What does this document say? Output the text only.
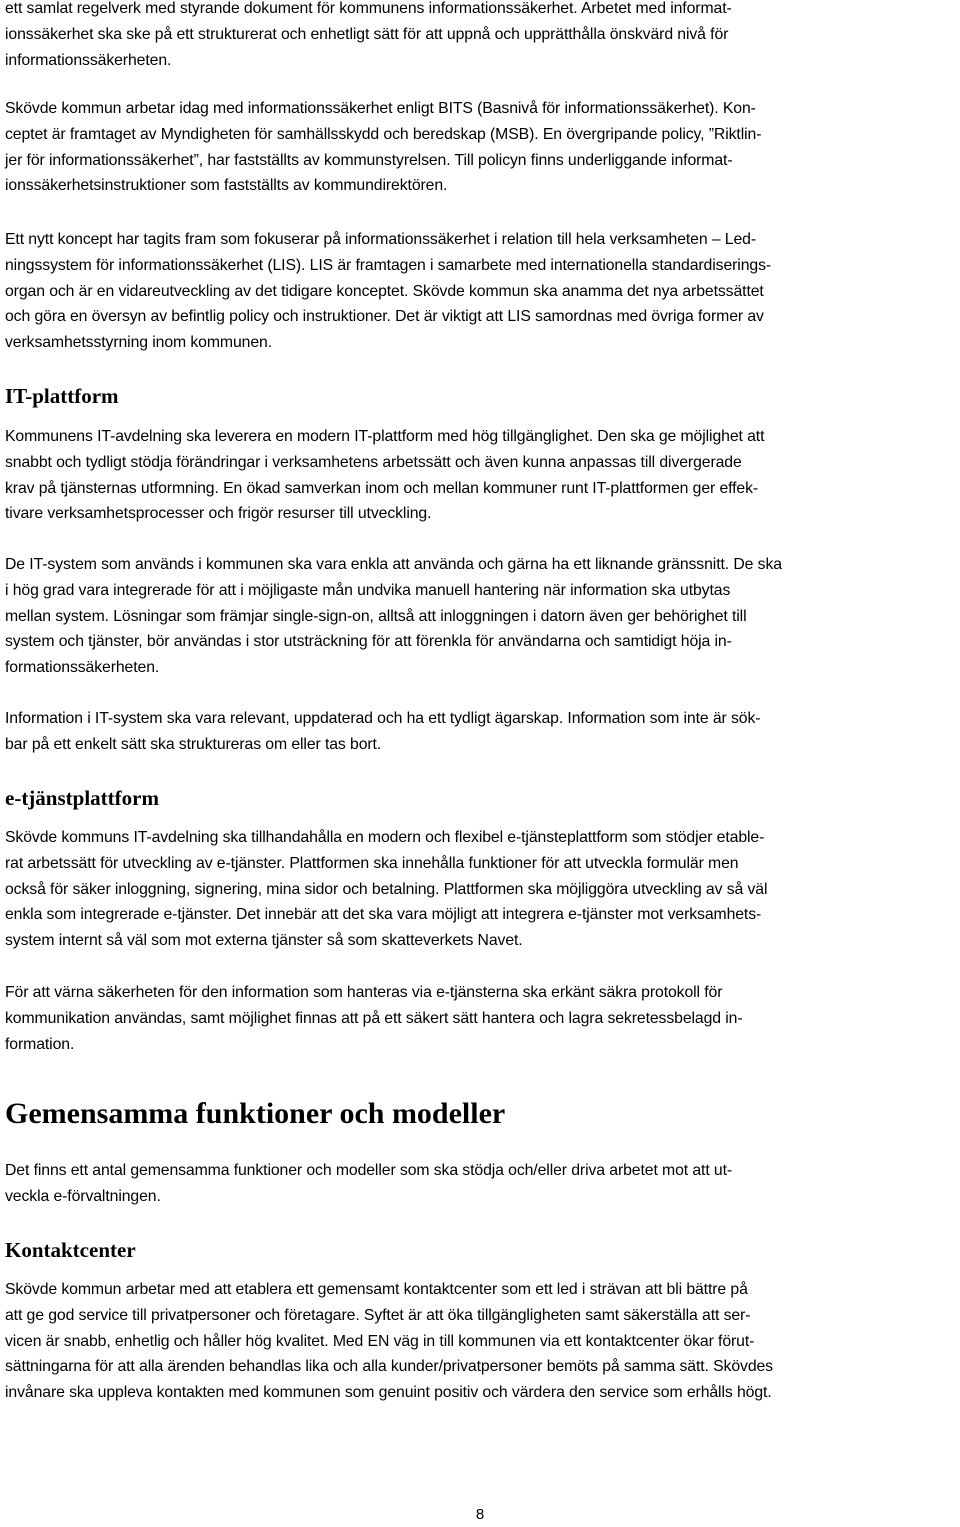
ett samlat regelverk med styrande dokument för kommunens informationssäkerhet. Arbetet med informat-
ionssäkerhet ska ske på ett strukturerat och enhetligt sätt för att uppnå och upprätthålla önskvärd nivå för
informationssäkerheten.
Skövde kommun arbetar idag med informationssäkerhet enligt BITS (Basnivå för informationssäkerhet). Kon-
ceptet är framtaget av Myndigheten för samhällsskydd och beredskap (MSB). En övergripande policy, ”Riktlin-
jer för informationssäkerhet”, har fastställts av kommunstyrelsen. Till policyn finns underliggande informat-
ionssäkerhetsinstruktioner som fastställts av kommundirektören.
Ett nytt koncept har tagits fram som fokuserar på informationssäkerhet i relation till hela verksamheten – Led-
ningssystem för informationssäkerhet (LIS). LIS är framtagen i samarbete med internationella standardiserings-
organ och är en vidareutveckling av det tidigare konceptet. Skövde kommun ska anamma det nya arbetssättet
och göra en översyn av befintlig policy och instruktioner. Det är viktigt att LIS samordnas med övriga former av
verksamhetsstyrning inom kommunen.
IT-plattform
Kommunens IT-avdelning ska leverera en modern IT-plattform med hög tillgänglighet. Den ska ge möjlighet att
snabbt och tydligt stödja förändringar i verksamhetens arbetssätt och även kunna anpassas till divergerade
krav på tjänsternas utformning. En ökad samverkan inom och mellan kommuner runt IT-plattformen ger effek-
tivare verksamhetsprocesser och frigör resurser till utveckling.
De IT-system som används i kommunen ska vara enkla att använda och gärna ha ett liknande gränssnitt. De ska
i hög grad vara integrerade för att i möjligaste mån undvika manuell hantering när information ska utbytas
mellan system. Lösningar som främjar single-sign-on, alltså att inloggningen i datorn även ger behörighet till
system och tjänster, bör användas i stor utsträckning för att förenkla för användarna och samtidigt höja in-
formationssäkerheten.
Information i IT-system ska vara relevant, uppdaterad och ha ett tydligt ägarskap. Information som inte är sök-
bar på ett enkelt sätt ska struktureras om eller tas bort.
e-tjänstplattform
Skövde kommuns IT-avdelning ska tillhandahålla en modern och flexibel e-tjänsteplattform som stödjer etable-
rat arbetssätt för utveckling av e-tjänster. Plattformen ska innehålla funktioner för att utveckla formulär men
också för säker inloggning, signering, mina sidor och betalning. Plattformen ska möjliggöra utveckling av så väl
enkla som integrerade e-tjänster. Det innebär att det ska vara möjligt att integrera e-tjänster mot verksamhets-
system internt så väl som mot externa tjänster så som skatteverkets Navet.
För att värna säkerheten för den information som hanteras via e-tjänsterna ska erkänt säkra protokoll för
kommunikation användas, samt möjlighet finnas att på ett säkert sätt hantera och lagra sekretessbelagd in-
formation.
Gemensamma funktioner och modeller
Det finns ett antal gemensamma funktioner och modeller som ska stödja och/eller driva arbetet mot att ut-
veckla e-förvaltningen.
Kontaktcenter
Skövde kommun arbetar med att etablera ett gemensamt kontaktcenter som ett led i strävan att bli bättre på
att ge god service till privatpersoner och företagare. Syftet är att öka tillgängligheten samt säkerställa att ser-
vicen är snabb, enhetlig och håller hög kvalitet. Med EN väg in till kommunen via ett kontaktcenter ökar förut-
sättningarna för att alla ärenden behandlas lika och alla kunder/privatpersoner bemöts på samma sätt. Skövdes
invånare ska uppleva kontakten med kommunen som genuint positiv och värdera den service som erhålls högt.
8
